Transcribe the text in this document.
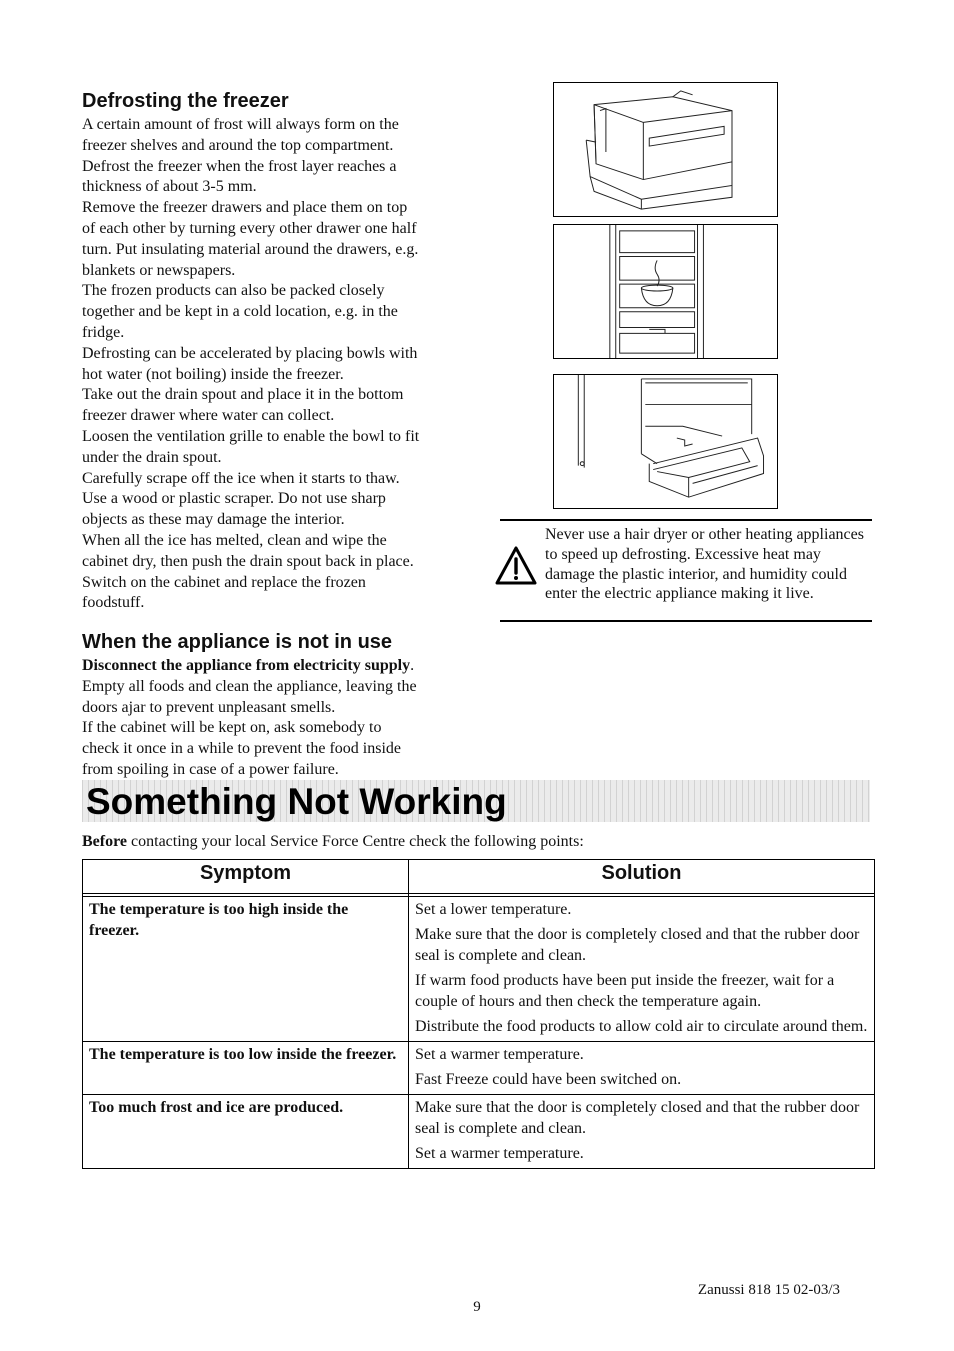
Defrosting the freezer

A certain amount of frost will always form on the

freezer shelves and around the top compartment.

Defrost the freezer when the frost layer reaches a

thickness of about 3-5 mm.

Remove the freezer drawers and place them on top

of each other by turning every other drawer one half

turn. Put insulating material around the drawers, e.g.

blankets or newspapers.

The frozen products can also be packed closely

together and be kept in a cold location, e.g. in the

fridge.

Defrosting can be accelerated by placing bowls with

hot water (not boiling) inside the freezer.

Take out the drain spout and place it in the bottom

freezer drawer where water can collect.

Loosen the ventilation grille to enable the bowl to fit

under the drain spout.

Carefully scrape off the ice when it starts to thaw.

Use a wood or plastic scraper. Do not use sharp

objects as these may damage the interior.

When all the ice has melted, clean and wipe the

cabinet dry, then push the drain spout back in place.

Switch on the cabinet and replace the frozen

foodstuff.

When the appliance is not in use

Disconnect the appliance from electricity supply.

Empty all foods and clean the appliance, leaving the

doors ajar to prevent unpleasant smells.

If the cabinet will be kept on, ask somebody to

check it once in a while to prevent the food inside

from spoiling in case of a power failure.

Never use a hair dryer or other heating appliances to speed up defrosting. Excessive heat may damage the plastic interior, and humidity could enter the electric appliance making it live.

Something Not Working

Before contacting your local Service Force Centre check the following points:

Symptom	Solution

The temperature is too high inside the freezer.	Set a lower temperature.
Make sure that the door is completely closed and that the rubber door seal is complete and clean.
If warm food products have been put inside the freezer, wait for a couple of hours and then check the temperature again.
Distribute the food products to allow cold air to circulate around them.

The temperature is too low inside the freezer.	Set a warmer temperature.
Fast Freeze could have been switched on.

Too much frost and ice are produced.	Make sure that the door is completely closed and that the rubber door seal is complete and clean.
Set a warmer temperature.
Zanussi 818 15 02-03/3
9
